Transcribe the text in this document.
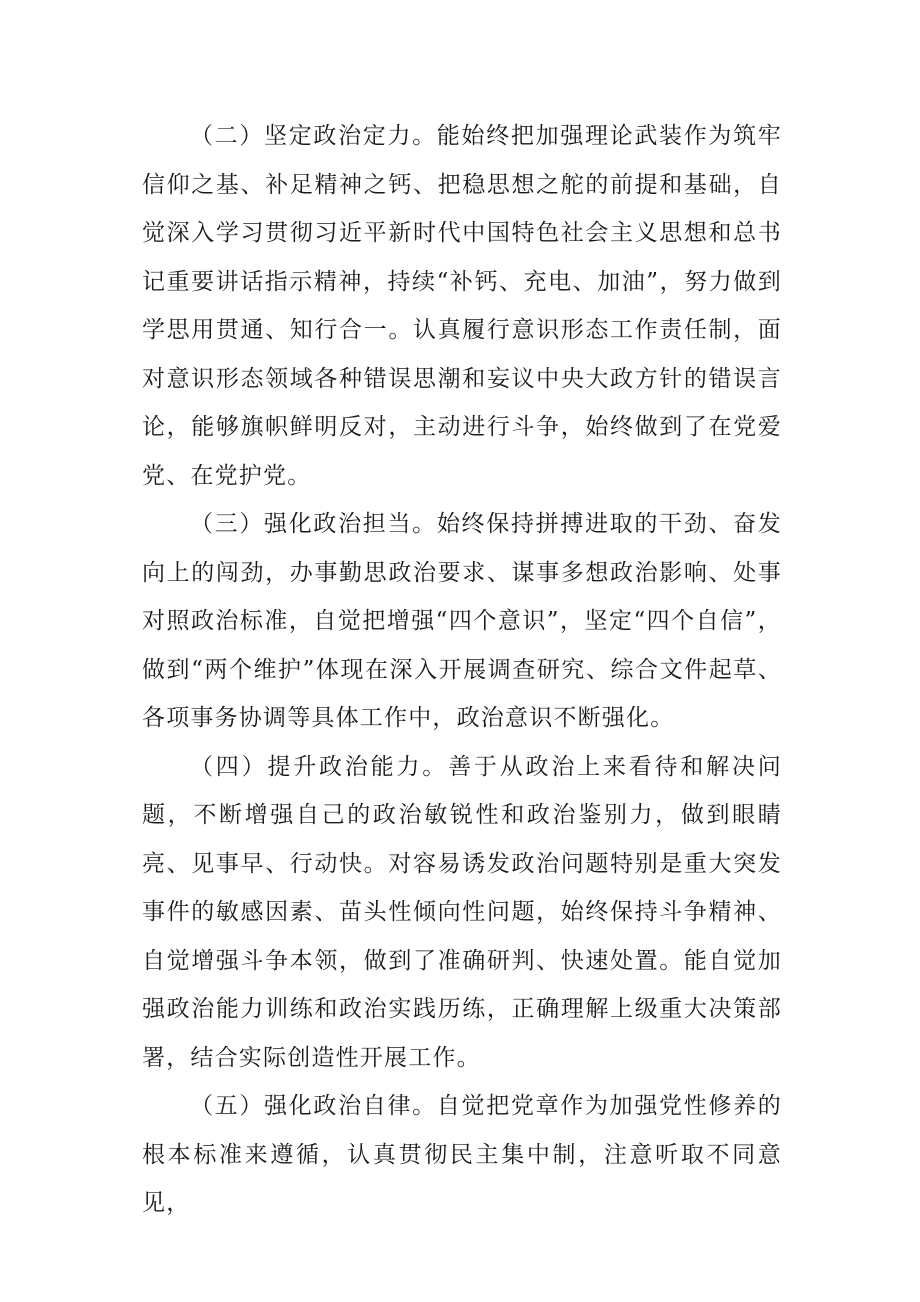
（二）坚定政治定力。能始终把加强理论武装作为筑牢信仰之基、补足精神之钙、把稳思想之舵的前提和基础，自觉深入学习贯彻习近平新时代中国特色社会主义思想和总书记重要讲话指示精神，持续“补钙、充电、加油”，努力做到学思用贯通、知行合一。认真履行意识形态工作责任制，面对意识形态领域各种错误思潮和妄议中央大政方针的错误言论，能够旗帜鲜明反对，主动进行斗争，始终做到了在党爱党、在党护党。

（三）强化政治担当。始终保持拼搏进取的干劲、奋发向上的闯劲，办事勤思政治要求、谋事多想政治影响、处事对照政治标准，自觉把增强“四个意识”，坚定“四个自信”，做到“两个维护”体现在深入开展调查研究、综合文件起草、各项事务协调等具体工作中，政治意识不断强化。

（四）提升政治能力。善于从政治上来看待和解决问题，不断增强自己的政治敏锐性和政治鉴别力，做到眼睛亮、见事早、行动快。对容易诱发政治问题特别是重大突发事件的敏感因素、苗头性倾向性问题，始终保持斗争精神、自觉增强斗争本领，做到了准确研判、快速处置。能自觉加强政治能力训练和政治实践历练，正确理解上级重大决策部署，结合实际创造性开展工作。

（五）强化政治自律。自觉把党章作为加强党性修养的根本标准来遵循，认真贯彻民主集中制，注意听取不同意见，
